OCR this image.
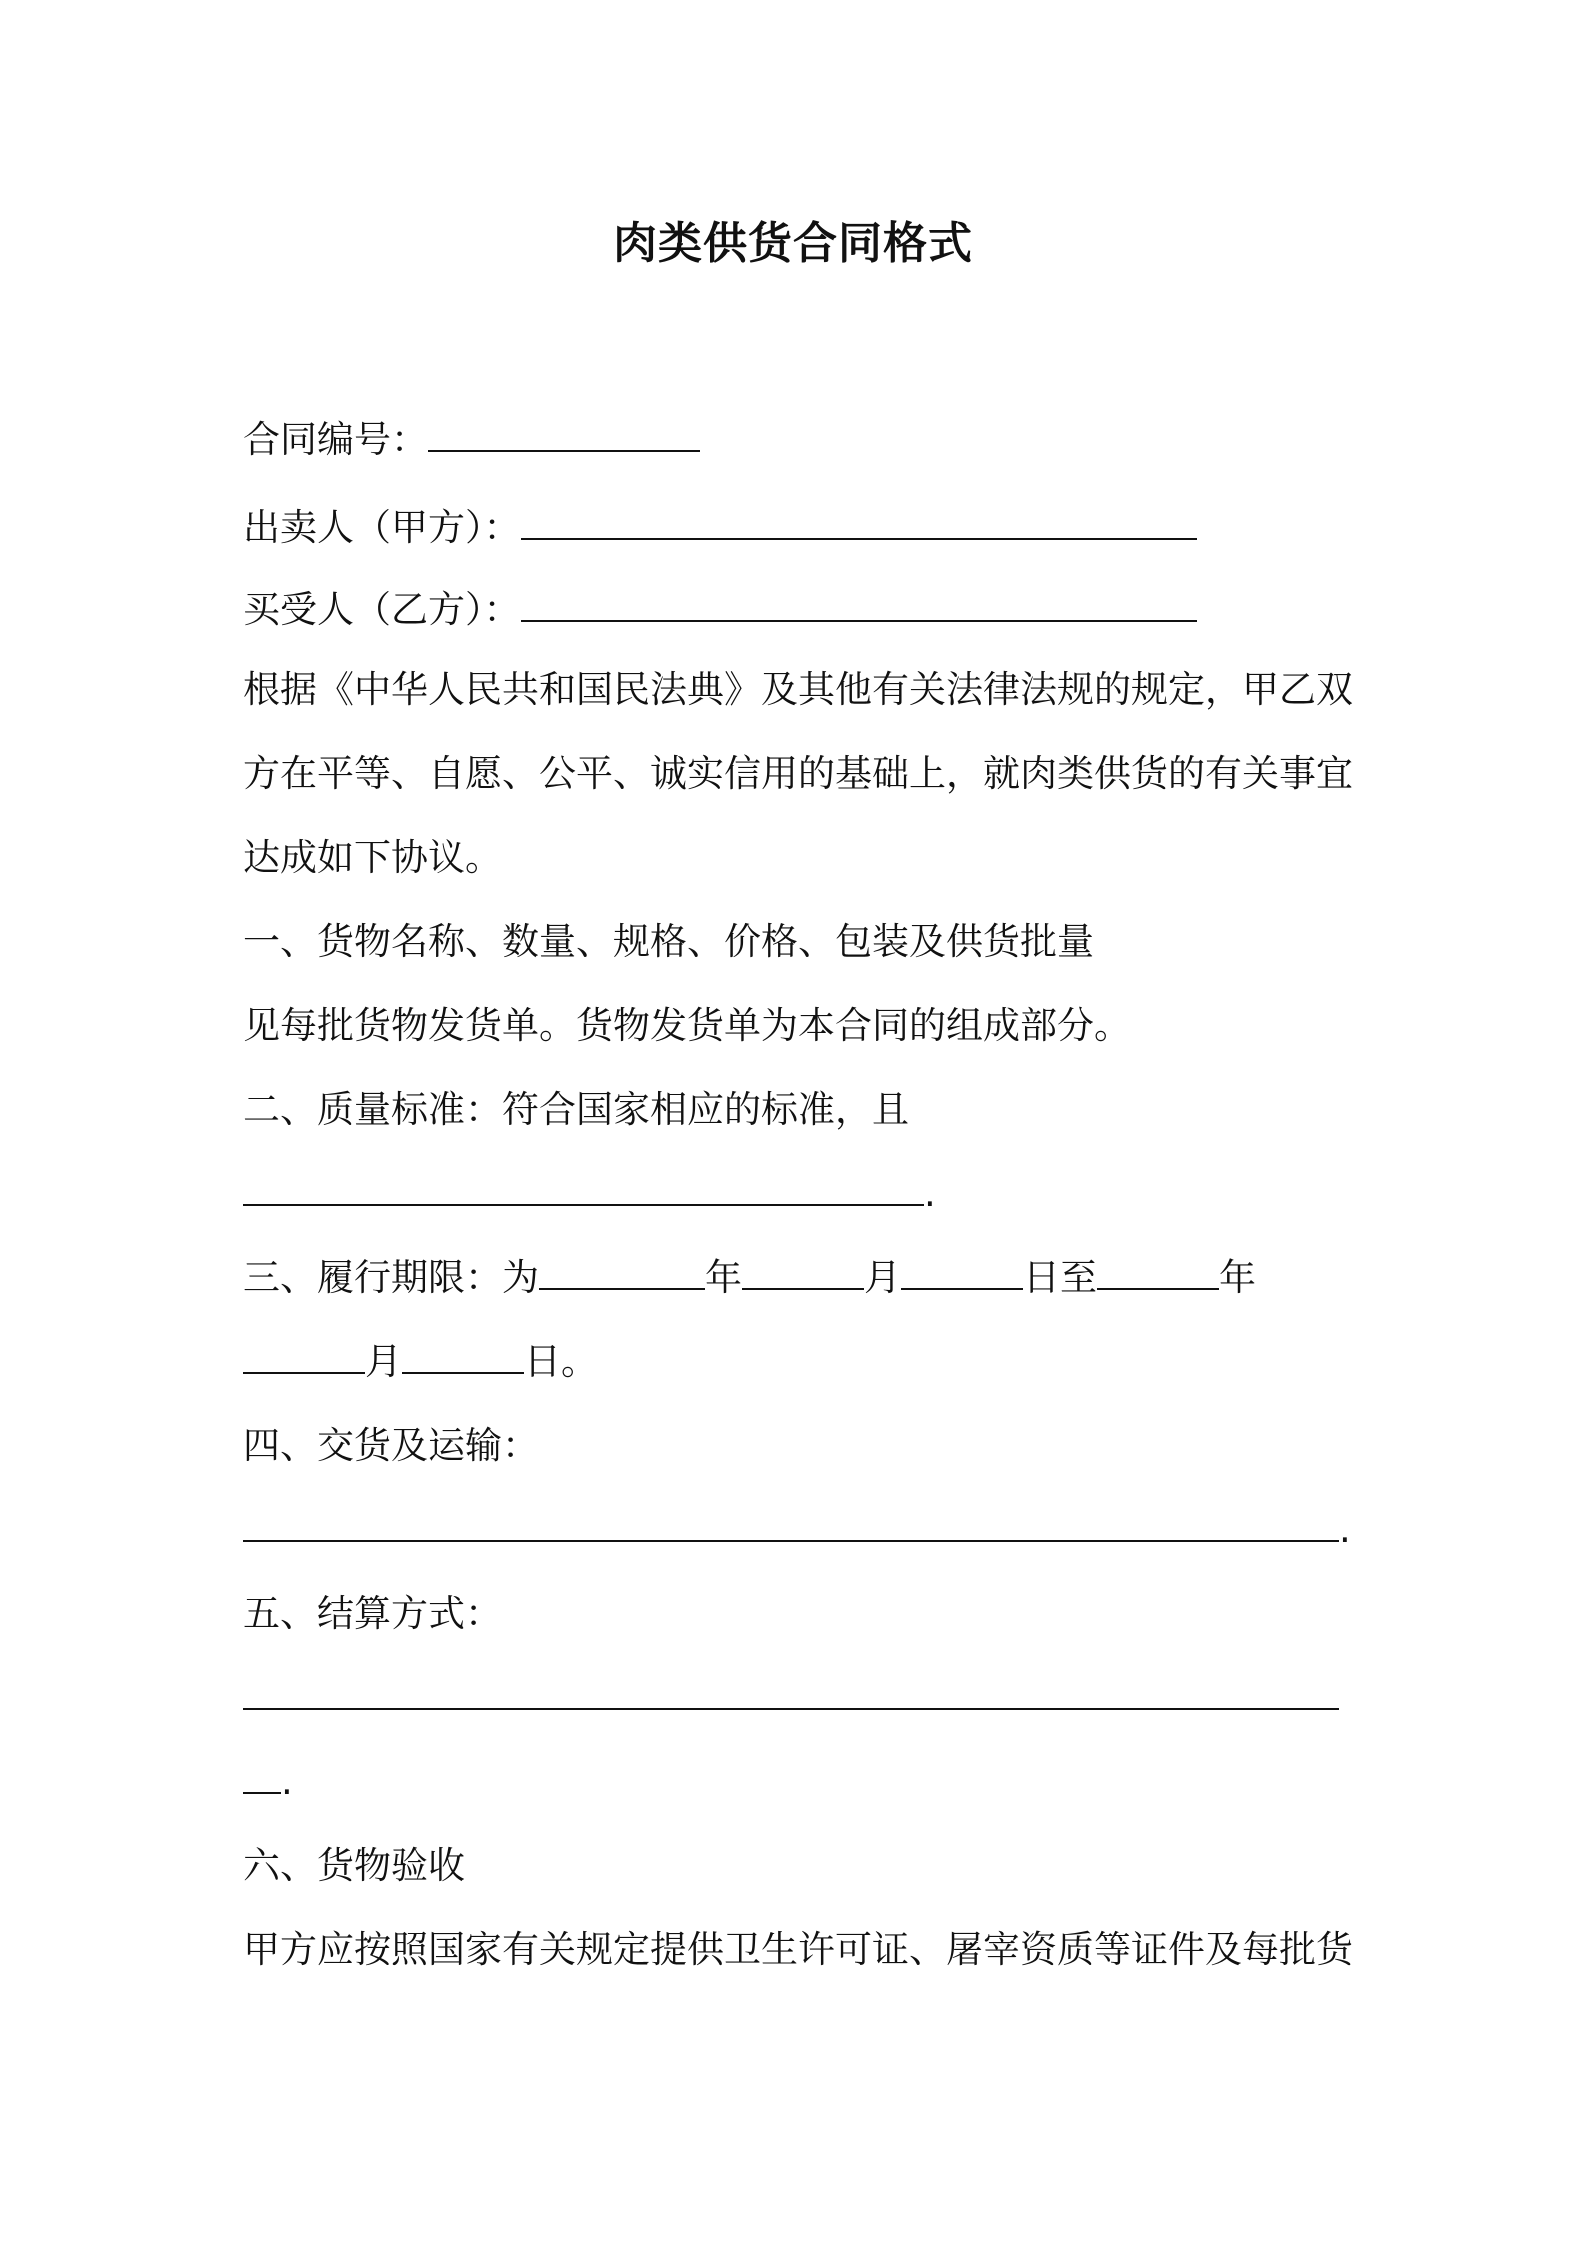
肉类供货合同格式

合同编号：

出卖人（甲方）：

买受人（乙方）：

根据《中华人民共和国民法典》及其他有关法律法规的规定，甲乙双

方在平等、自愿、公平、诚实信用的基础上，就肉类供货的有关事宜

达成如下协议。

一、货物名称、数量、规格、价格、包装及供货批量

见每批货物发货单。货物发货单为本合同的组成部分。

二、质量标准：符合国家相应的标准，且

.

三、履行期限：为	年	月	日至	年

月	日。

四、交货及运输：

.

五、结算方式：

.

六、货物验收

甲方应按照国家有关规定提供卫生许可证、屠宰资质等证件及每批货
